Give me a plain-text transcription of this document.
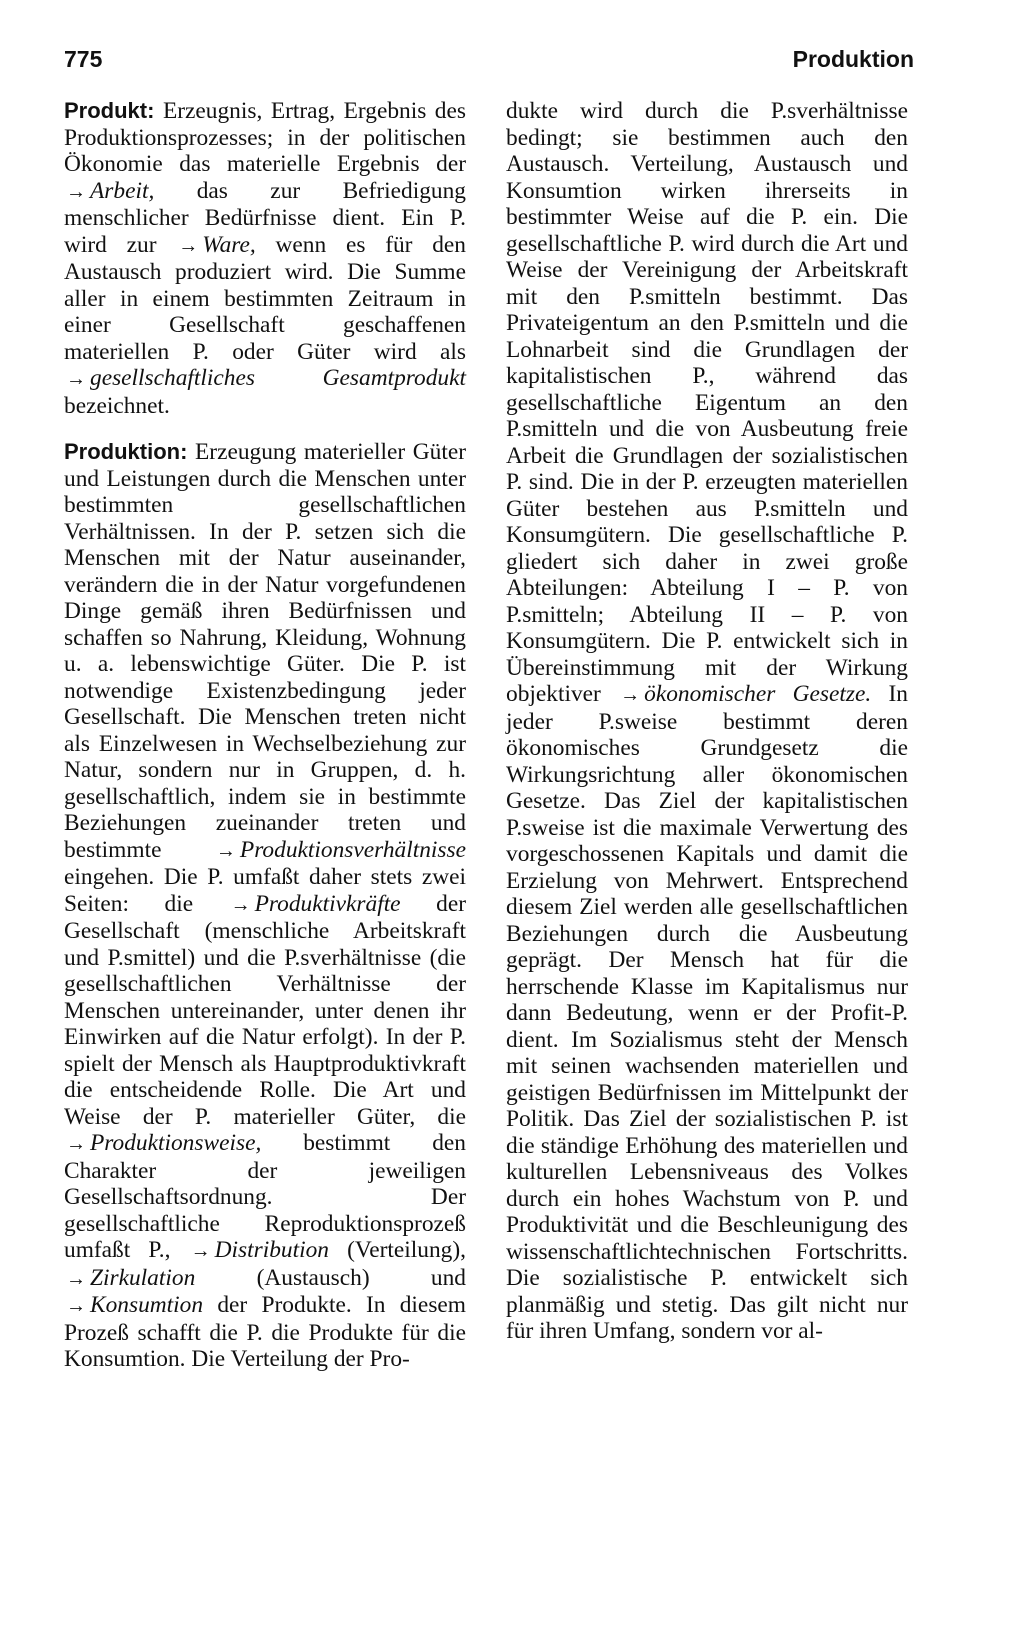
775	Produktion

Produkt: Erzeugnis, Ertrag, Ergebnis des Produktionsprozesses; in der politischen Ökonomie das materielle Ergebnis der → Arbeit, das zur Befriedigung menschlicher Bedürfnisse dient. Ein P. wird zur → Ware, wenn es für den Austausch produziert wird. Die Summe aller in einem bestimmten Zeitraum in einer Gesellschaft geschaffenen materiellen P. oder Güter wird als → gesellschaftliches Gesamtprodukt bezeichnet.

Produktion: Erzeugung materieller Güter und Leistungen durch die Menschen unter bestimmten gesellschaftlichen Verhältnissen. In der P. setzen sich die Menschen mit der Natur auseinander, verändern die in der Natur vorgefundenen Dinge gemäß ihren Bedürfnissen und schaffen so Nahrung, Kleidung, Wohnung u. a. lebenswichtige Güter. Die P. ist notwendige Existenzbedingung jeder Gesellschaft. Die Menschen treten nicht als Einzelwesen in Wechselbeziehung zur Natur, sondern nur in Gruppen, d. h. gesellschaftlich, indem sie in bestimmte Beziehungen zueinander treten und bestimmte → Produktionsverhältnisse eingehen. Die P. umfaßt daher stets zwei Seiten: die → Produktivkräfte der Gesellschaft (menschliche Arbeitskraft und P.smittel) und die P.sverhältnisse (die gesellschaftlichen Verhältnisse der Menschen untereinander, unter denen ihr Einwirken auf die Natur erfolgt). In der P. spielt der Mensch als Hauptproduktivkraft die entscheidende Rolle. Die Art und Weise der P. materieller Güter, die → Produktionsweise, bestimmt den Charakter der jeweiligen Gesellschaftsordnung. Der gesellschaftliche Reproduktionsprozeß umfaßt P., → Distribution (Verteilung), → Zirkulation (Austausch) und → Konsumtion der Produkte. In diesem Prozeß schafft die P. die Produkte für die Konsumtion. Die Verteilung der Pro-

dukte wird durch die P.sverhältnisse bedingt; sie bestimmen auch den Austausch. Verteilung, Austausch und Konsumtion wirken ihrerseits in bestimmter Weise auf die P. ein. Die gesellschaftliche P. wird durch die Art und Weise der Vereinigung der Arbeitskraft mit den P.smitteln bestimmt. Das Privateigentum an den P.smitteln und die Lohnarbeit sind die Grundlagen der kapitalistischen P., während das gesellschaftliche Eigentum an den P.smitteln und die von Ausbeutung freie Arbeit die Grundlagen der sozialistischen P. sind. Die in der P. erzeugten materiellen Güter bestehen aus P.smitteln und Konsumgütern. Die gesellschaftliche P. gliedert sich daher in zwei große Abteilungen: Abteilung I – P. von P.smitteln; Abteilung II – P. von Konsumgütern. Die P. entwickelt sich in Übereinstimmung mit der Wirkung objektiver → ökonomischer Gesetze. In jeder P.sweise bestimmt deren ökonomisches Grundgesetz die Wirkungsrichtung aller ökonomischen Gesetze. Das Ziel der kapitalistischen P.sweise ist die maximale Verwertung des vorgeschossenen Kapitals und damit die Erzielung von Mehrwert. Entsprechend diesem Ziel werden alle gesellschaftlichen Beziehungen durch die Ausbeutung geprägt. Der Mensch hat für die herrschende Klasse im Kapitalismus nur dann Bedeutung, wenn er der Profit-P. dient. Im Sozialismus steht der Mensch mit seinen wachsenden materiellen und geistigen Bedürfnissen im Mittelpunkt der Politik. Das Ziel der sozialistischen P. ist die ständige Erhöhung des materiellen und kulturellen Lebensniveaus des Volkes durch ein hohes Wachstum von P. und Produktivität und die Beschleunigung des wissenschaftlichtechnischen Fortschritts. Die sozialistische P. entwickelt sich planmäßig und stetig. Das gilt nicht nur für ihren Umfang, sondern vor al-
